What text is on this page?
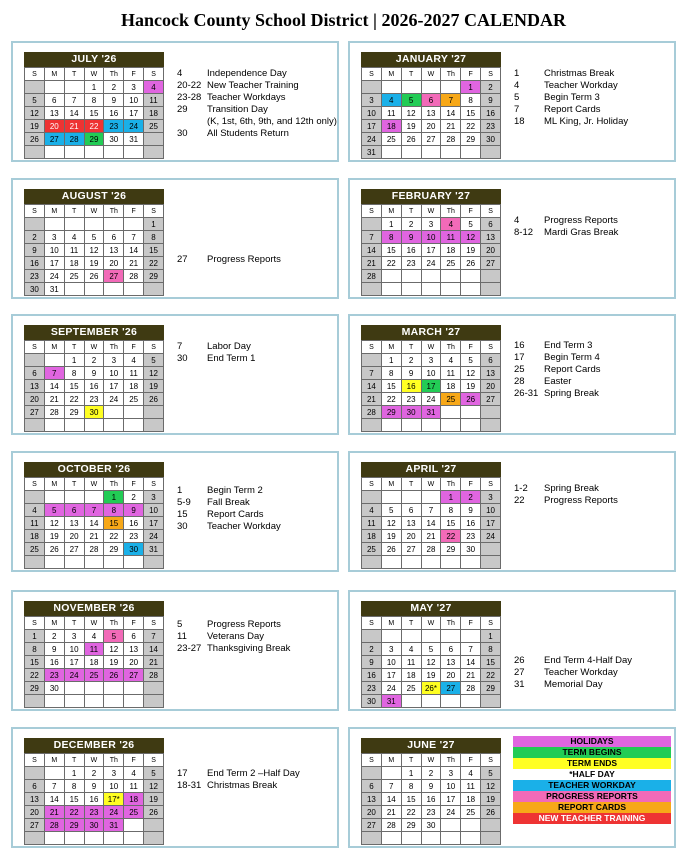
Hancock County School District | 2026-2027 CALENDAR
JULY '26
S	M	T	W	Th	F	S
			1	2	3	4
5	6	7	8	9	10	11
12	13	14	15	16	17	18
19	20	21	22	23	24	25
26	27	28	29	30	31	

4	Independence Day
20-22 New Teacher Training
23-28 Teacher Workdays
29	Transition Day
(K, 1st, 6th, 9th, and 12th only)
30	All Students Return
JANUARY '27
S	M	T	W	Th	F	S
					1	2
3	4	5	6	7	8	9
10	11	12	13	14	15	16
17	18	19	20	21	22	23
24	25	26	27	28	29	30
31						
1	Christmas Break
4	Teacher Workday
5	Begin Term 3
7	Report Cards
18	ML King, Jr. Holiday
AUGUST '26
S	M	T	W	Th	F	S
						1
2	3	4	5	6	7	8
9	10	11	12	13	14	15
16	17	18	19	20	21	22
23	24	25	26	27	28	29
30	31					
27	Progress Reports
FEBRUARY '27
S	M	T	W	Th	F	S
	1	2	3	4	5	6
7	8	9	10	11	12	13
14	15	16	17	18	19	20
21	22	23	24	25	26	27
28						

4	Progress Reports
8-12	Mardi Gras Break
SEPTEMBER '26
S	M	T	W	Th	F	S
		1	2	3	4	5
6	7	8	9	10	11	12
13	14	15	16	17	18	19
20	21	22	23	24	25	26
27	28	29	30			

7	Labor Day
30	End Term 1
MARCH '27
S	M	T	W	Th	F	S
	1	2	3	4	5	6
7	8	9	10	11	12	13
14	15	16	17	18	19	20
21	22	23	24	25	26	27
28	29	30	31			

16	End Term 3
17	Begin Term 4
25	Report Cards
28	Easter
26-31 Spring Break
OCTOBER '26
S	M	T	W	Th	F	S
				1	2	3
4	5	6	7	8	9	10
11	12	13	14	15	16	17
18	19	20	21	22	23	24
25	26	27	28	29	30	31

1	Begin Term 2
5-9	Fall Break
15	Report Cards
30	Teacher Workday
APRIL '27
S	M	T	W	Th	F	S
				1	2	3
4	5	6	7	8	9	10
11	12	13	14	15	16	17
18	19	20	21	22	23	24
25	26	27	28	29	30	

1-2	Spring Break
22	Progress Reports
NOVEMBER '26
S	M	T	W	Th	F	S
1	2	3	4	5	6	7
8	9	10	11	12	13	14
15	16	17	18	19	20	21
22	23	24	25	26	27	28
29	30					

5	Progress Reports
11	Veterans Day
23-27 Thanksgiving Break
MAY '27
S	M	T	W	Th	F	S
						1
2	3	4	5	6	7	8
9	10	11	12	13	14	15
16	17	18	19	20	21	22
23	24	25	26*	27	28	29
30	31					
26	End Term 4-Half Day
27	Teacher Workday
31	Memorial Day
DECEMBER '26
S	M	T	W	Th	F	S
		1	2	3	4	5
6	7	8	9	10	11	12
13	14	15	16	17*	18	19
20	21	22	23	24	25	26
27	28	29	30	31		

17	End Term 2 –Half Day
18-31 Christmas Break
JUNE '27
S	M	T	W	Th	F	S
		1	2	3	4	5
6	7	8	9	10	11	12
13	14	15	16	17	18	19
20	21	22	23	24	25	26
27	28	29	30			

HOLIDAYS
TERM BEGINS
TERM ENDS
*HALF DAY
TEACHER WORKDAY
PROGRESS REPORTS
REPORT CARDS
NEW TEACHER TRAINING
